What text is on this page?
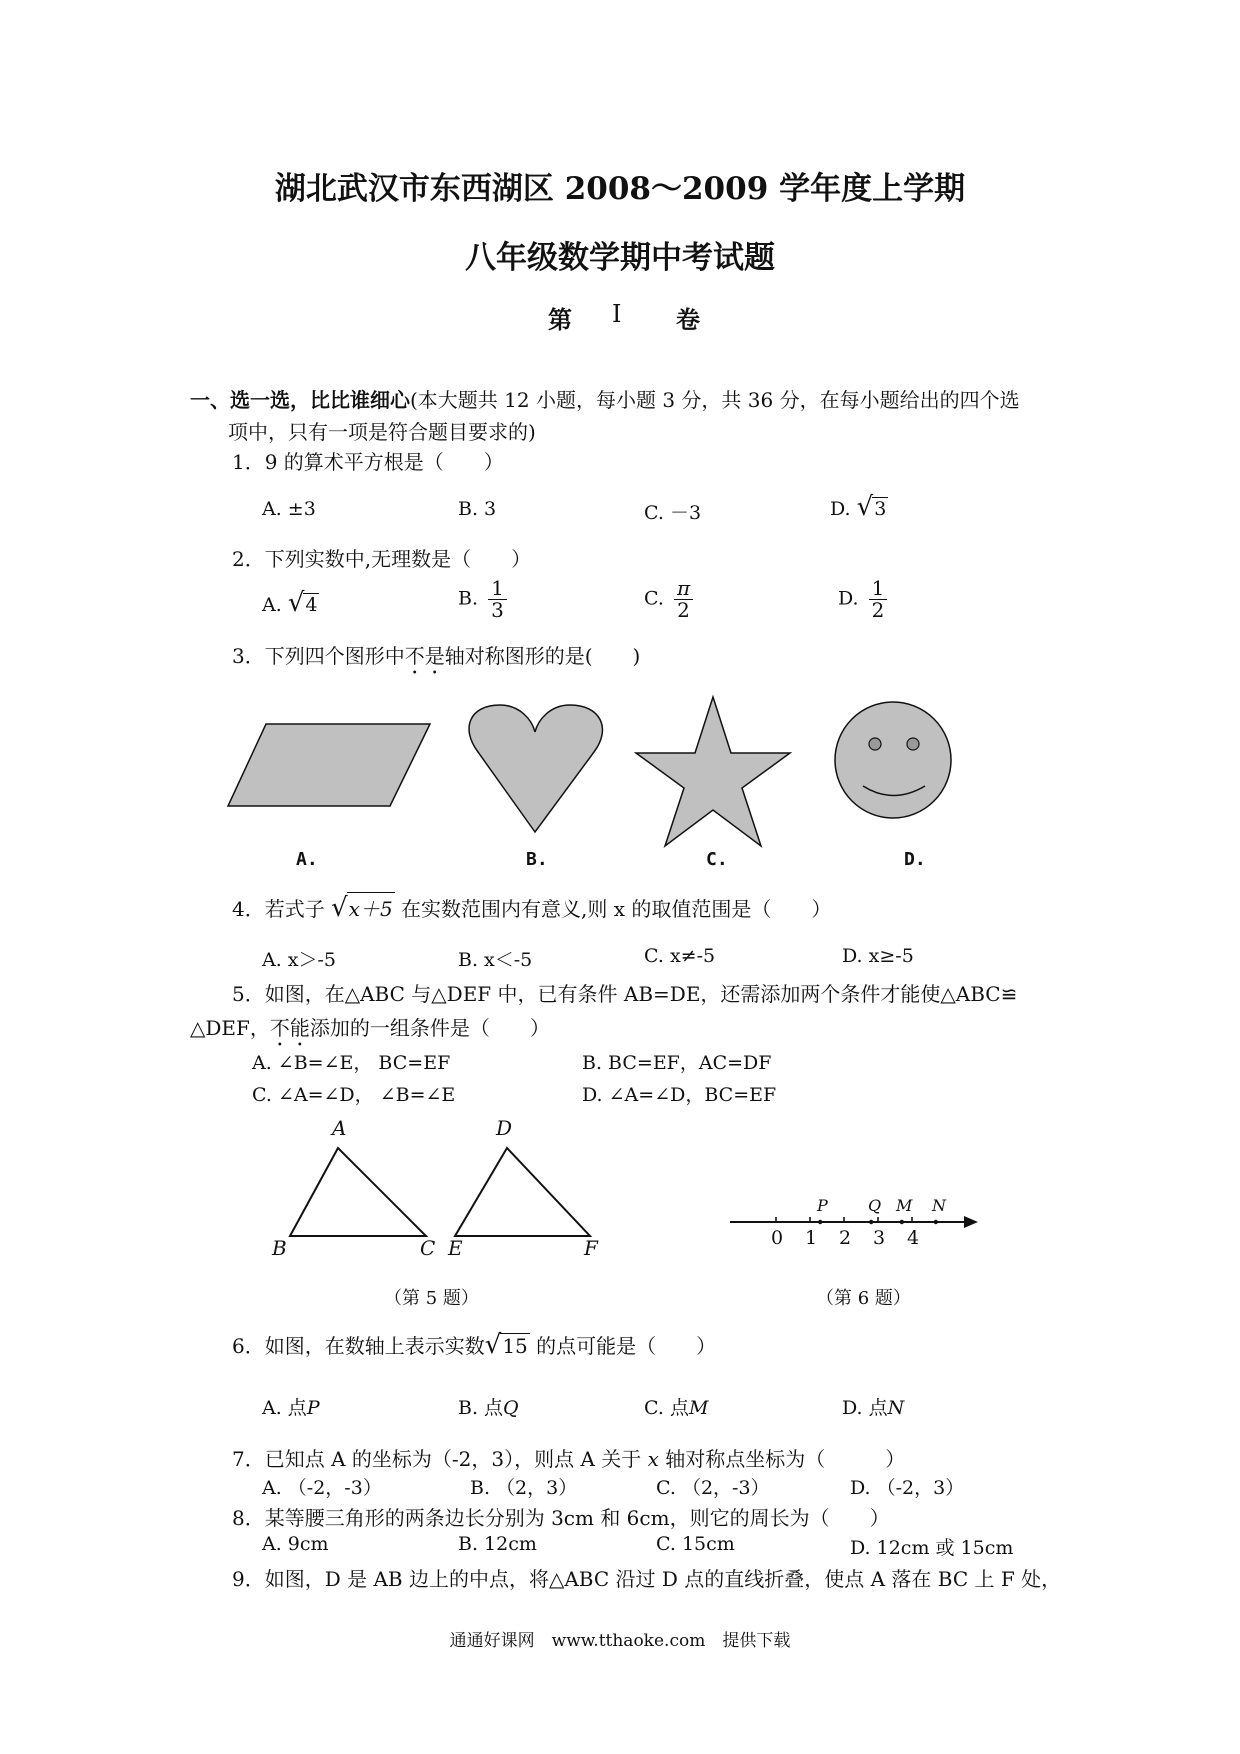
湖北武汉市东西湖区 2008～2009 学年度上学期
八年级数学期中考试题
第 Ⅰ 卷
一、选一选，比比谁细心(本大题共 12 小题，每小题 3 分，共 36 分，在每小题给出的四个选
项中，只有一项是符合题目要求的)
1．9 的算术平方根是（　　）
A. ±3	B. 3	C. －3	D. √3
2．下列实数中,无理数是（　　）
A. √4	B. $\frac{1}{3}$	C. $\frac{\pi}{2}$	D. $\frac{1}{2}$
3．下列四个图形中不是轴对称图形的是(　　)
A.	B.	C.	D.
4．若式子 √x＋5 在实数范围内有意义,则 x 的取值范围是（　　）
A. x＞-5	B. x＜-5	C. x≠-5	D. x≥-5
5．如图，在△ABC 与△DEF 中，已有条件 AB=DE，还需添加两个条件才能使△ABC≌
△DEF，不能添加的一组条件是（　　）
A. ∠B=∠E， BC=EF	B. BC=EF，AC=DF
C. ∠A=∠D， ∠B=∠E	D. ∠A=∠D，BC=EF
A
B	C
D
E	F
（第 5 题）
0 1 2 3 4
P	Q M N
（第 6 题）
6．如图，在数轴上表示实数√15 的点可能是（　　）
A. 点P	B. 点Q	C. 点M	D. 点N
7．已知点 A 的坐标为（-2，3），则点 A 关于 x 轴对称点坐标为（　　　）
A. （-2，-3）	B. （2，3）	C. （2，-3）	D. （-2，3）
8．某等腰三角形的两条边长分别为 3cm 和 6cm，则它的周长为（　　）
A. 9cm	B. 12cm	C. 15cm	D. 12cm 或 15cm
9．如图，D 是 AB 边上的中点，将△ABC 沿过 D 点的直线折叠，使点 A 落在 BC 上 F 处，
通通好课网　www.tthaoke.com　提供下载
